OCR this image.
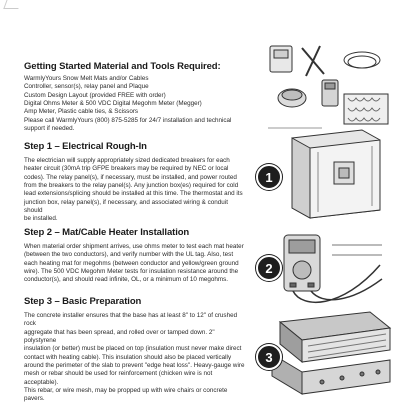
Getting Started Material and Tools Required:
WarmlyYours Snow Melt Mats and/or Cables
Controller, sensor(s), relay panel and Plaque
Custom Design Layout (provided FREE with order)
Digital Ohms Meter & 500 VDC Digital Megohm Meter (Megger)
Amp Meter, Plastic cable ties, & Scissors
Please call WarmlyYours (800) 875-5285 for 24/7 installation and technical
support if needed.
Step 1 – Electrical Rough-In
The electrician will supply appropriately sized dedicated breakers for each
heater circuit (30mA trip GFPE breakers may be required by NEC or local
codes). The relay panel(s), if necessary, must be installed, and power routed
from the breakers to the relay panel(s). Any junction box(es) required for cold
lead extensions/splicing should be installed at this time. The thermostat and its
junction box, relay panel(s), if necessary, and associated wiring & conduit should
be installed.
Step 2 – Mat/Cable Heater Installation
When material order shipment arrives, use ohms meter to test each mat heater
(between the two conductors), and verify number with the UL tag. Also, test
each heating mat for megohms (between conductor and yellow/green ground
wire). The 500 VDC Megohm Meter tests for insulation resistance around the
conductor(s), and should read infinite, OL, or a minimum of 10 megohms.
Step 3 – Basic Preparation
The concrete installer ensures that the base has at least 8" to 12" of crushed rock
aggregate that has been spread, and rolled over or tamped down. 2" polystyrene
insulation (or better) must be placed on top (insulation must never make direct
contact with heating cable). This insulation should also be placed vertically
around the perimeter of the slab to prevent "edge heat loss". Heavy-gauge wire
mesh or rebar should be used for reinforcement (chicken wire is not acceptable).
This rebar, or wire mesh, may be propped up with wire chairs or concrete pavers.
1
2
3
